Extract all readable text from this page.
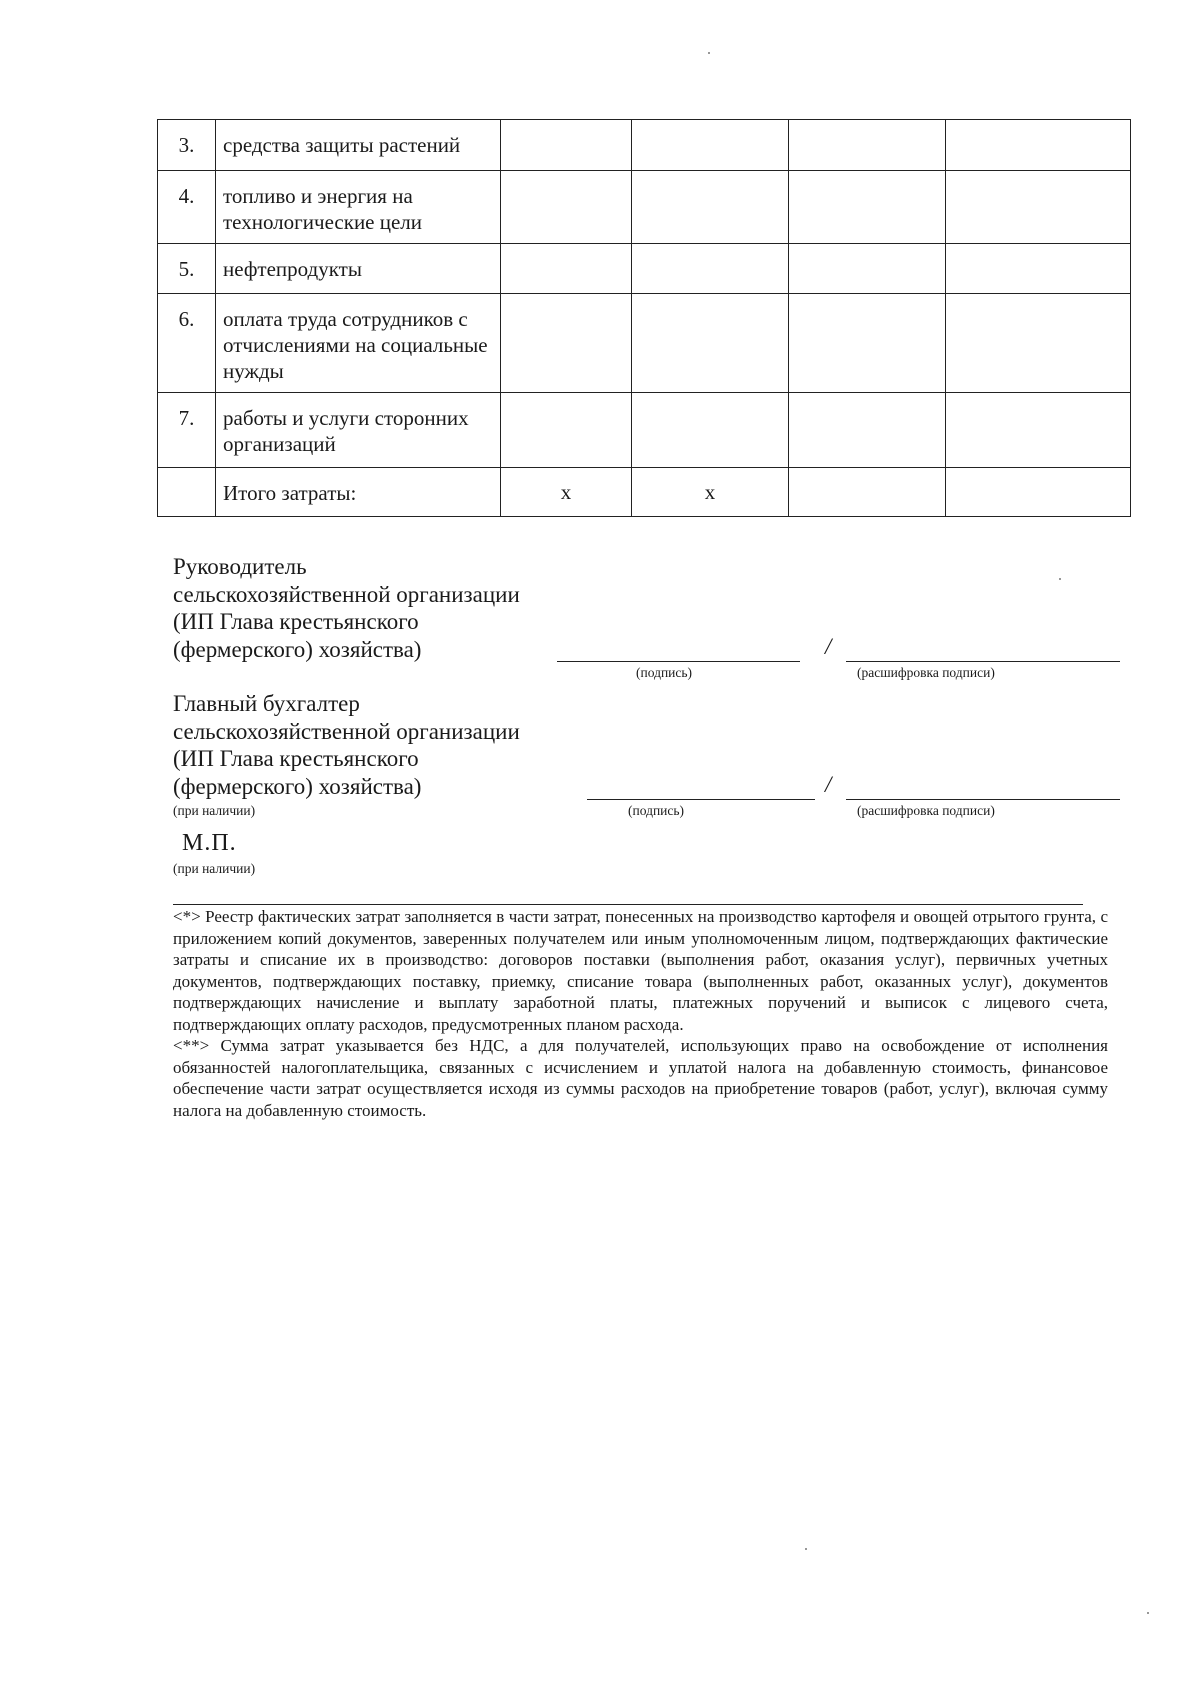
3.	средства защиты растений				
4.	топливо и энергия на технологические цели				
5.	нефтепродукты				
6.	оплата труда сотрудников с отчислениями на социальные нужды				
7.	работы и услуги сторонних организаций				
	Итого затраты:	x	x		
Руководитель
сельскохозяйственной организации
(ИП Глава крестьянского
(фермерского) хозяйства)	/
(подпись)	(расшифровка подписи)
Главный бухгалтер
сельскохозяйственной организации
(ИП Глава крестьянского
(фермерского) хозяйства)
(при наличии)
/
(подпись)	(расшифровка подписи)
М.П.
(при наличии)

<*> Реестр фактических затрат заполняется в части затрат, понесенных на производство картофеля и овощей отрытого грунта, с приложением копий документов, заверенных получателем или иным уполномоченным лицом, подтверждающих фактические затраты и списание их в производство: договоров поставки (выполнения работ, оказания услуг), первичных учетных документов, подтверждающих поставку, приемку, списание товара (выполненных работ, оказанных услуг), документов подтверждающих начисление и выплату заработной платы, платежных поручений и выписок с лицевого счета, подтверждающих оплату расходов, предусмотренных планом расхода.

<**> Сумма затрат указывается без НДС, а для получателей, использующих право на освобождение от исполнения обязанностей налогоплательщика, связанных с исчислением и уплатой налога на добавленную стоимость, финансовое обеспечение части затрат осуществляется исходя из суммы расходов на приобретение товаров (работ, услуг), включая сумму налога на добавленную стоимость.
